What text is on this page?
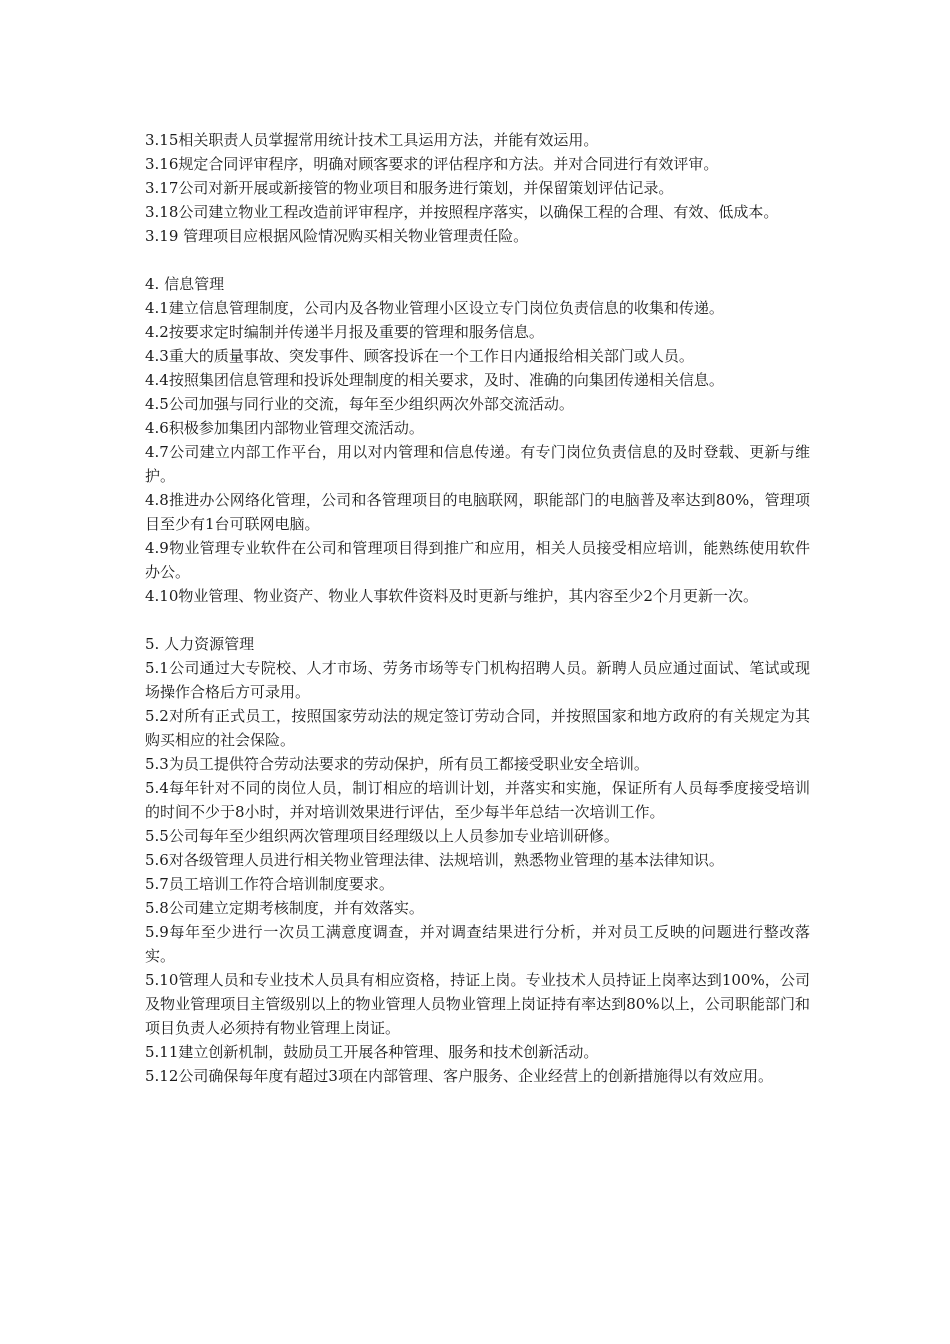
3.15相关职责人员掌握常用统计技术工具运用方法，并能有效运用。

3.16规定合同评审程序，明确对顾客要求的评估程序和方法。并对合同进行有效评审。

3.17公司对新开展或新接管的物业项目和服务进行策划，并保留策划评估记录。

3.18公司建立物业工程改造前评审程序，并按照程序落实，以确保工程的合理、有效、低成本。

3.19 管理项目应根据风险情况购买相关物业管理责任险。

4. 信息管理

4.1建立信息管理制度，公司内及各物业管理小区设立专门岗位负责信息的收集和传递。

4.2按要求定时编制并传递半月报及重要的管理和服务信息。

4.3重大的质量事故、突发事件、顾客投诉在一个工作日内通报给相关部门或人员。

4.4按照集团信息管理和投诉处理制度的相关要求，及时、准确的向集团传递相关信息。

4.5公司加强与同行业的交流，每年至少组织两次外部交流活动。

4.6积极参加集团内部物业管理交流活动。

4.7公司建立内部工作平台，用以对内管理和信息传递。有专门岗位负责信息的及时登载、更新与维护。

4.8推进办公网络化管理，公司和各管理项目的电脑联网，职能部门的电脑普及率达到80%，管理项目至少有1台可联网电脑。

4.9物业管理专业软件在公司和管理项目得到推广和应用，相关人员接受相应培训，能熟练使用软件办公。

4.10物业管理、物业资产、物业人事软件资料及时更新与维护，其内容至少2个月更新一次。

5. 人力资源管理

5.1公司通过大专院校、人才市场、劳务市场等专门机构招聘人员。新聘人员应通过面试、笔试或现场操作合格后方可录用。

5.2对所有正式员工，按照国家劳动法的规定签订劳动合同，并按照国家和地方政府的有关规定为其购买相应的社会保险。

5.3为员工提供符合劳动法要求的劳动保护，所有员工都接受职业安全培训。

5.4每年针对不同的岗位人员，制订相应的培训计划，并落实和实施，保证所有人员每季度接受培训的时间不少于8小时，并对培训效果进行评估，至少每半年总结一次培训工作。

5.5公司每年至少组织两次管理项目经理级以上人员参加专业培训研修。

5.6对各级管理人员进行相关物业管理法律、法规培训，熟悉物业管理的基本法律知识。

5.7员工培训工作符合培训制度要求。

5.8公司建立定期考核制度，并有效落实。

5.9每年至少进行一次员工满意度调查，并对调查结果进行分析，并对员工反映的问题进行整改落实。

5.10管理人员和专业技术人员具有相应资格，持证上岗。专业技术人员持证上岗率达到100%，公司及物业管理项目主管级别以上的物业管理人员物业管理上岗证持有率达到80%以上，公司职能部门和项目负责人必须持有物业管理上岗证。

5.11建立创新机制，鼓励员工开展各种管理、服务和技术创新活动。

5.12公司确保每年度有超过3项在内部管理、客户服务、企业经营上的创新措施得以有效应用。
